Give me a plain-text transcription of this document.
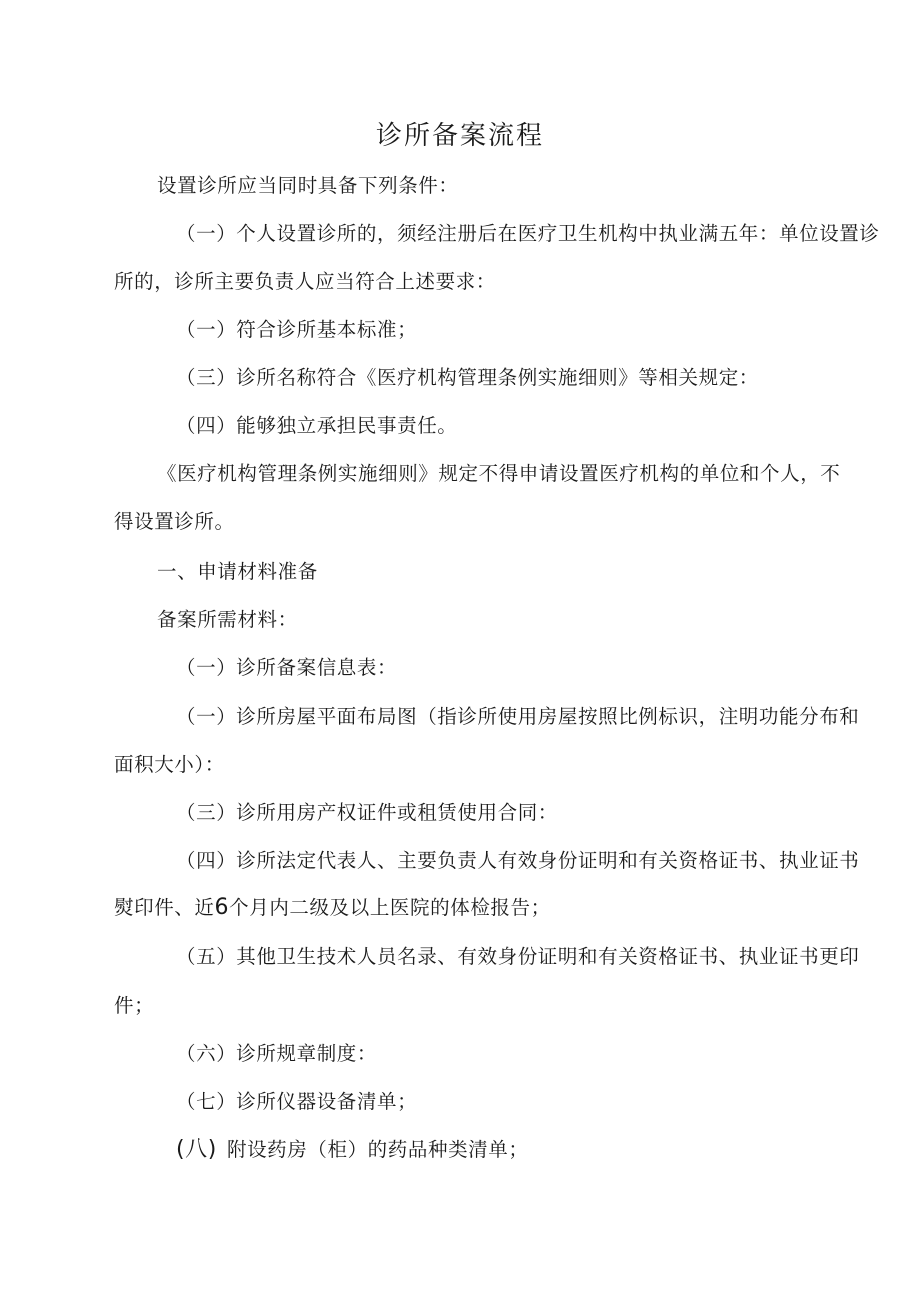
诊所备案流程
设置诊所应当同时具备下列条件：
（一）个人设置诊所的，须经注册后在医疗卫生机构中执业满五年：单位设置诊
所的，诊所主要负责人应当符合上述要求：
（一）符合诊所基本标准；
（三）诊所名称符合《医疗机构管理条例实施细则》等相关规定：
（四）能够独立承担民事责任。
《医疗机构管理条例实施细则》规定不得申请设置医疗机构的单位和个人，不
得设置诊所。
一、申请材料准备
备案所需材料：
（一）诊所备案信息表：
（一）诊所房屋平面布局图（指诊所使用房屋按照比例标识，注明功能分布和
面积大小）：
（三）诊所用房产权证件或租赁使用合同：
（四）诊所法定代表人、主要负责人有效身份证明和有关资格证书、执业证书
熨印件、近6个月内二级及以上医院的体检报告；
（五）其他卫生技术人员名录、有效身份证明和有关资格证书、执业证书更印
件；
（六）诊所规章制度：
（七）诊所仪器设备清单；
(八) 附设药房（柜）的药品种类清单；
